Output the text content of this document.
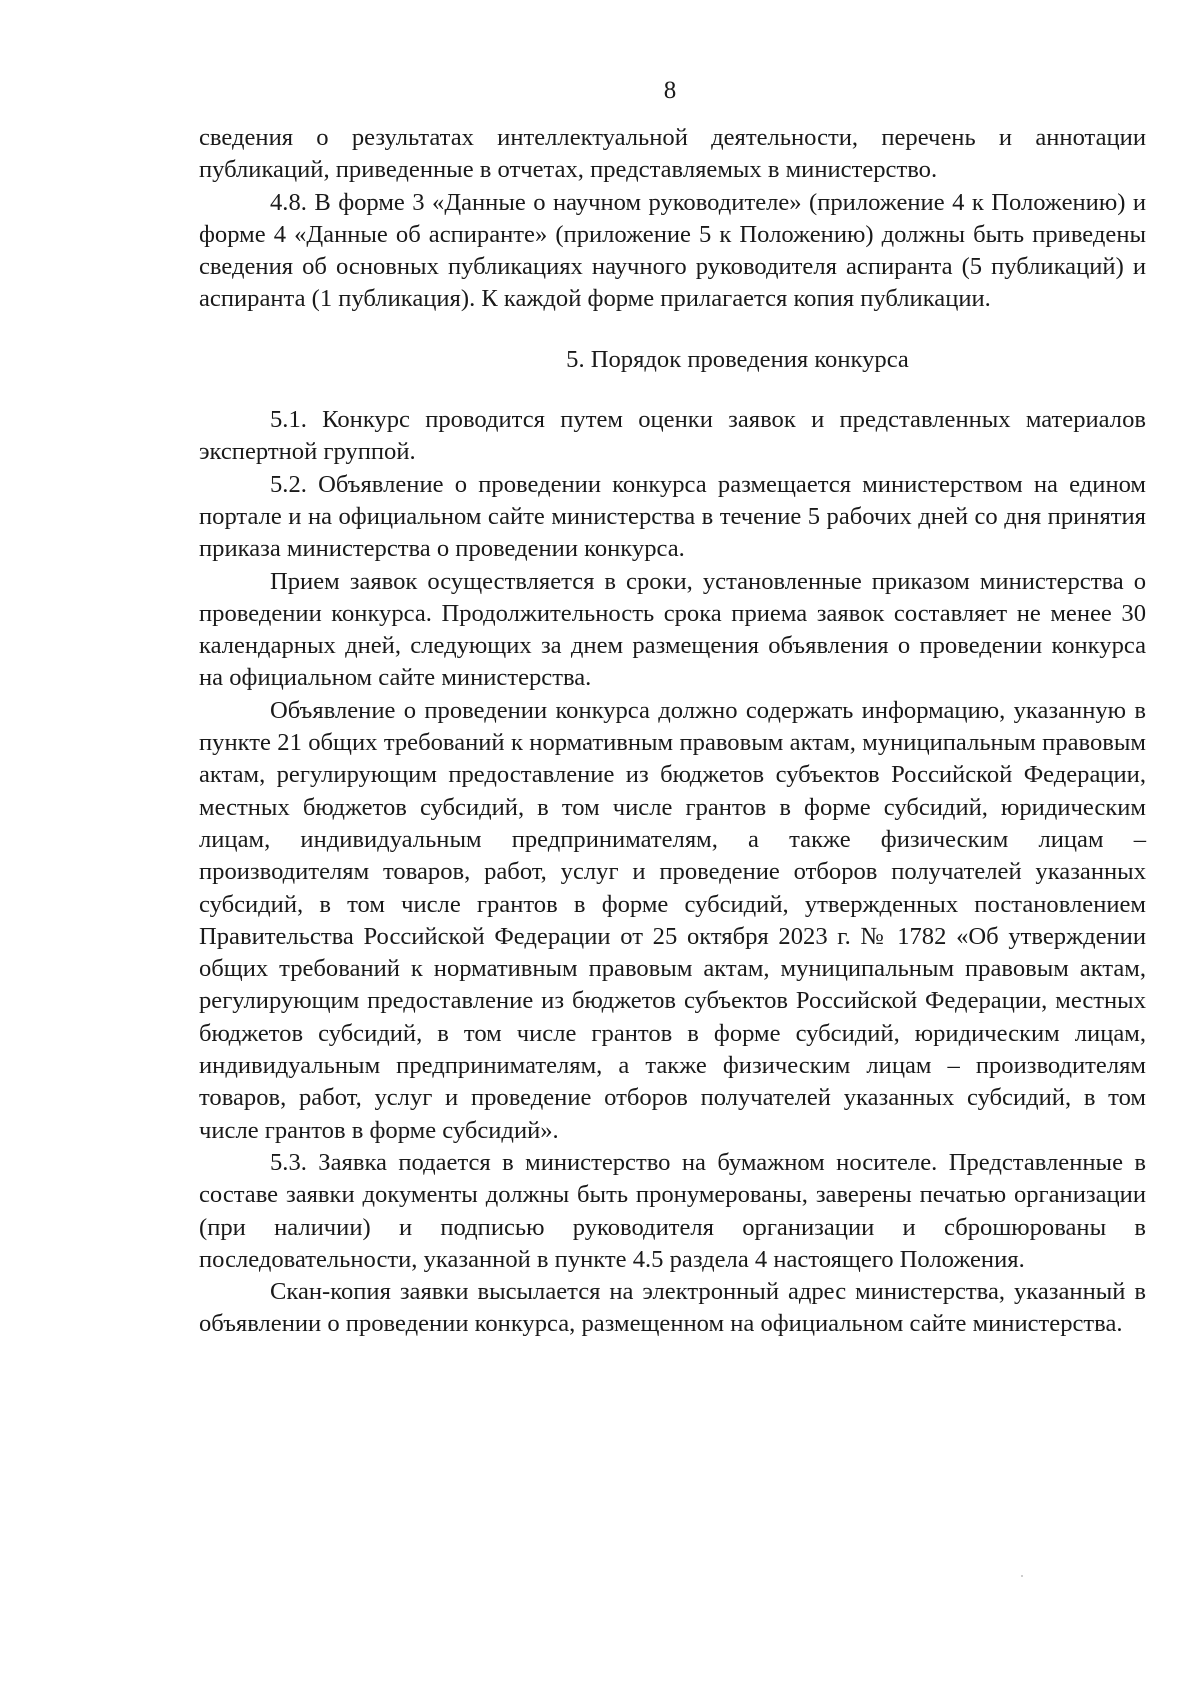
8

сведения о результатах интеллектуальной деятельности, перечень и аннотации публикаций, приведенные в отчетах, представляемых в министерство.

4.8. В форме 3 «Данные о научном руководителе» (приложение 4 к Положению) и форме 4 «Данные об аспиранте» (приложение 5 к Положению) должны быть приведены сведения об основных публикациях научного руководителя аспиранта (5 публикаций) и аспиранта (1 публикация). К каждой форме прилагается копия публикации.

5. Порядок проведения конкурса

5.1. Конкурс проводится путем оценки заявок и представленных материалов экспертной группой.

5.2. Объявление о проведении конкурса размещается министерством на едином портале и на официальном сайте министерства в течение 5 рабочих дней со дня принятия приказа министерства о проведении конкурса.

Прием заявок осуществляется в сроки, установленные приказом министерства о проведении конкурса. Продолжительность срока приема заявок составляет не менее 30 календарных дней, следующих за днем размещения объявления о проведении конкурса на официальном сайте министерства.

Объявление о проведении конкурса должно содержать информацию, указанную в пункте 21 общих требований к нормативным правовым актам, муниципальным правовым актам, регулирующим предоставление из бюджетов субъектов Российской Федерации, местных бюджетов субсидий, в том числе грантов в форме субсидий, юридическим лицам, индивидуальным предпринимателям, а также физическим лицам – производителям товаров, работ, услуг и проведение отборов получателей указанных субсидий, в том числе грантов в форме субсидий, утвержденных постановлением Правительства Российской Федерации от 25 октября 2023 г. № 1782 «Об утверждении общих требований к нормативным правовым актам, муниципальным правовым актам, регулирующим предоставление из бюджетов субъектов Российской Федерации, местных бюджетов субсидий, в том числе грантов в форме субсидий, юридическим лицам, индивидуальным предпринимателям, а также физическим лицам – производителям товаров, работ, услуг и проведение отборов получателей указанных субсидий, в том числе грантов в форме субсидий».

5.3. Заявка подается в министерство на бумажном носителе. Представленные в составе заявки документы должны быть пронумерованы, заверены печатью организации (при наличии) и подписью руководителя организации и сброшюрованы в последовательности, указанной в пункте 4.5 раздела 4 настоящего Положения.

Скан-копия заявки высылается на электронный адрес министерства, указанный в объявлении о проведении конкурса, размещенном на официальном сайте министерства.
